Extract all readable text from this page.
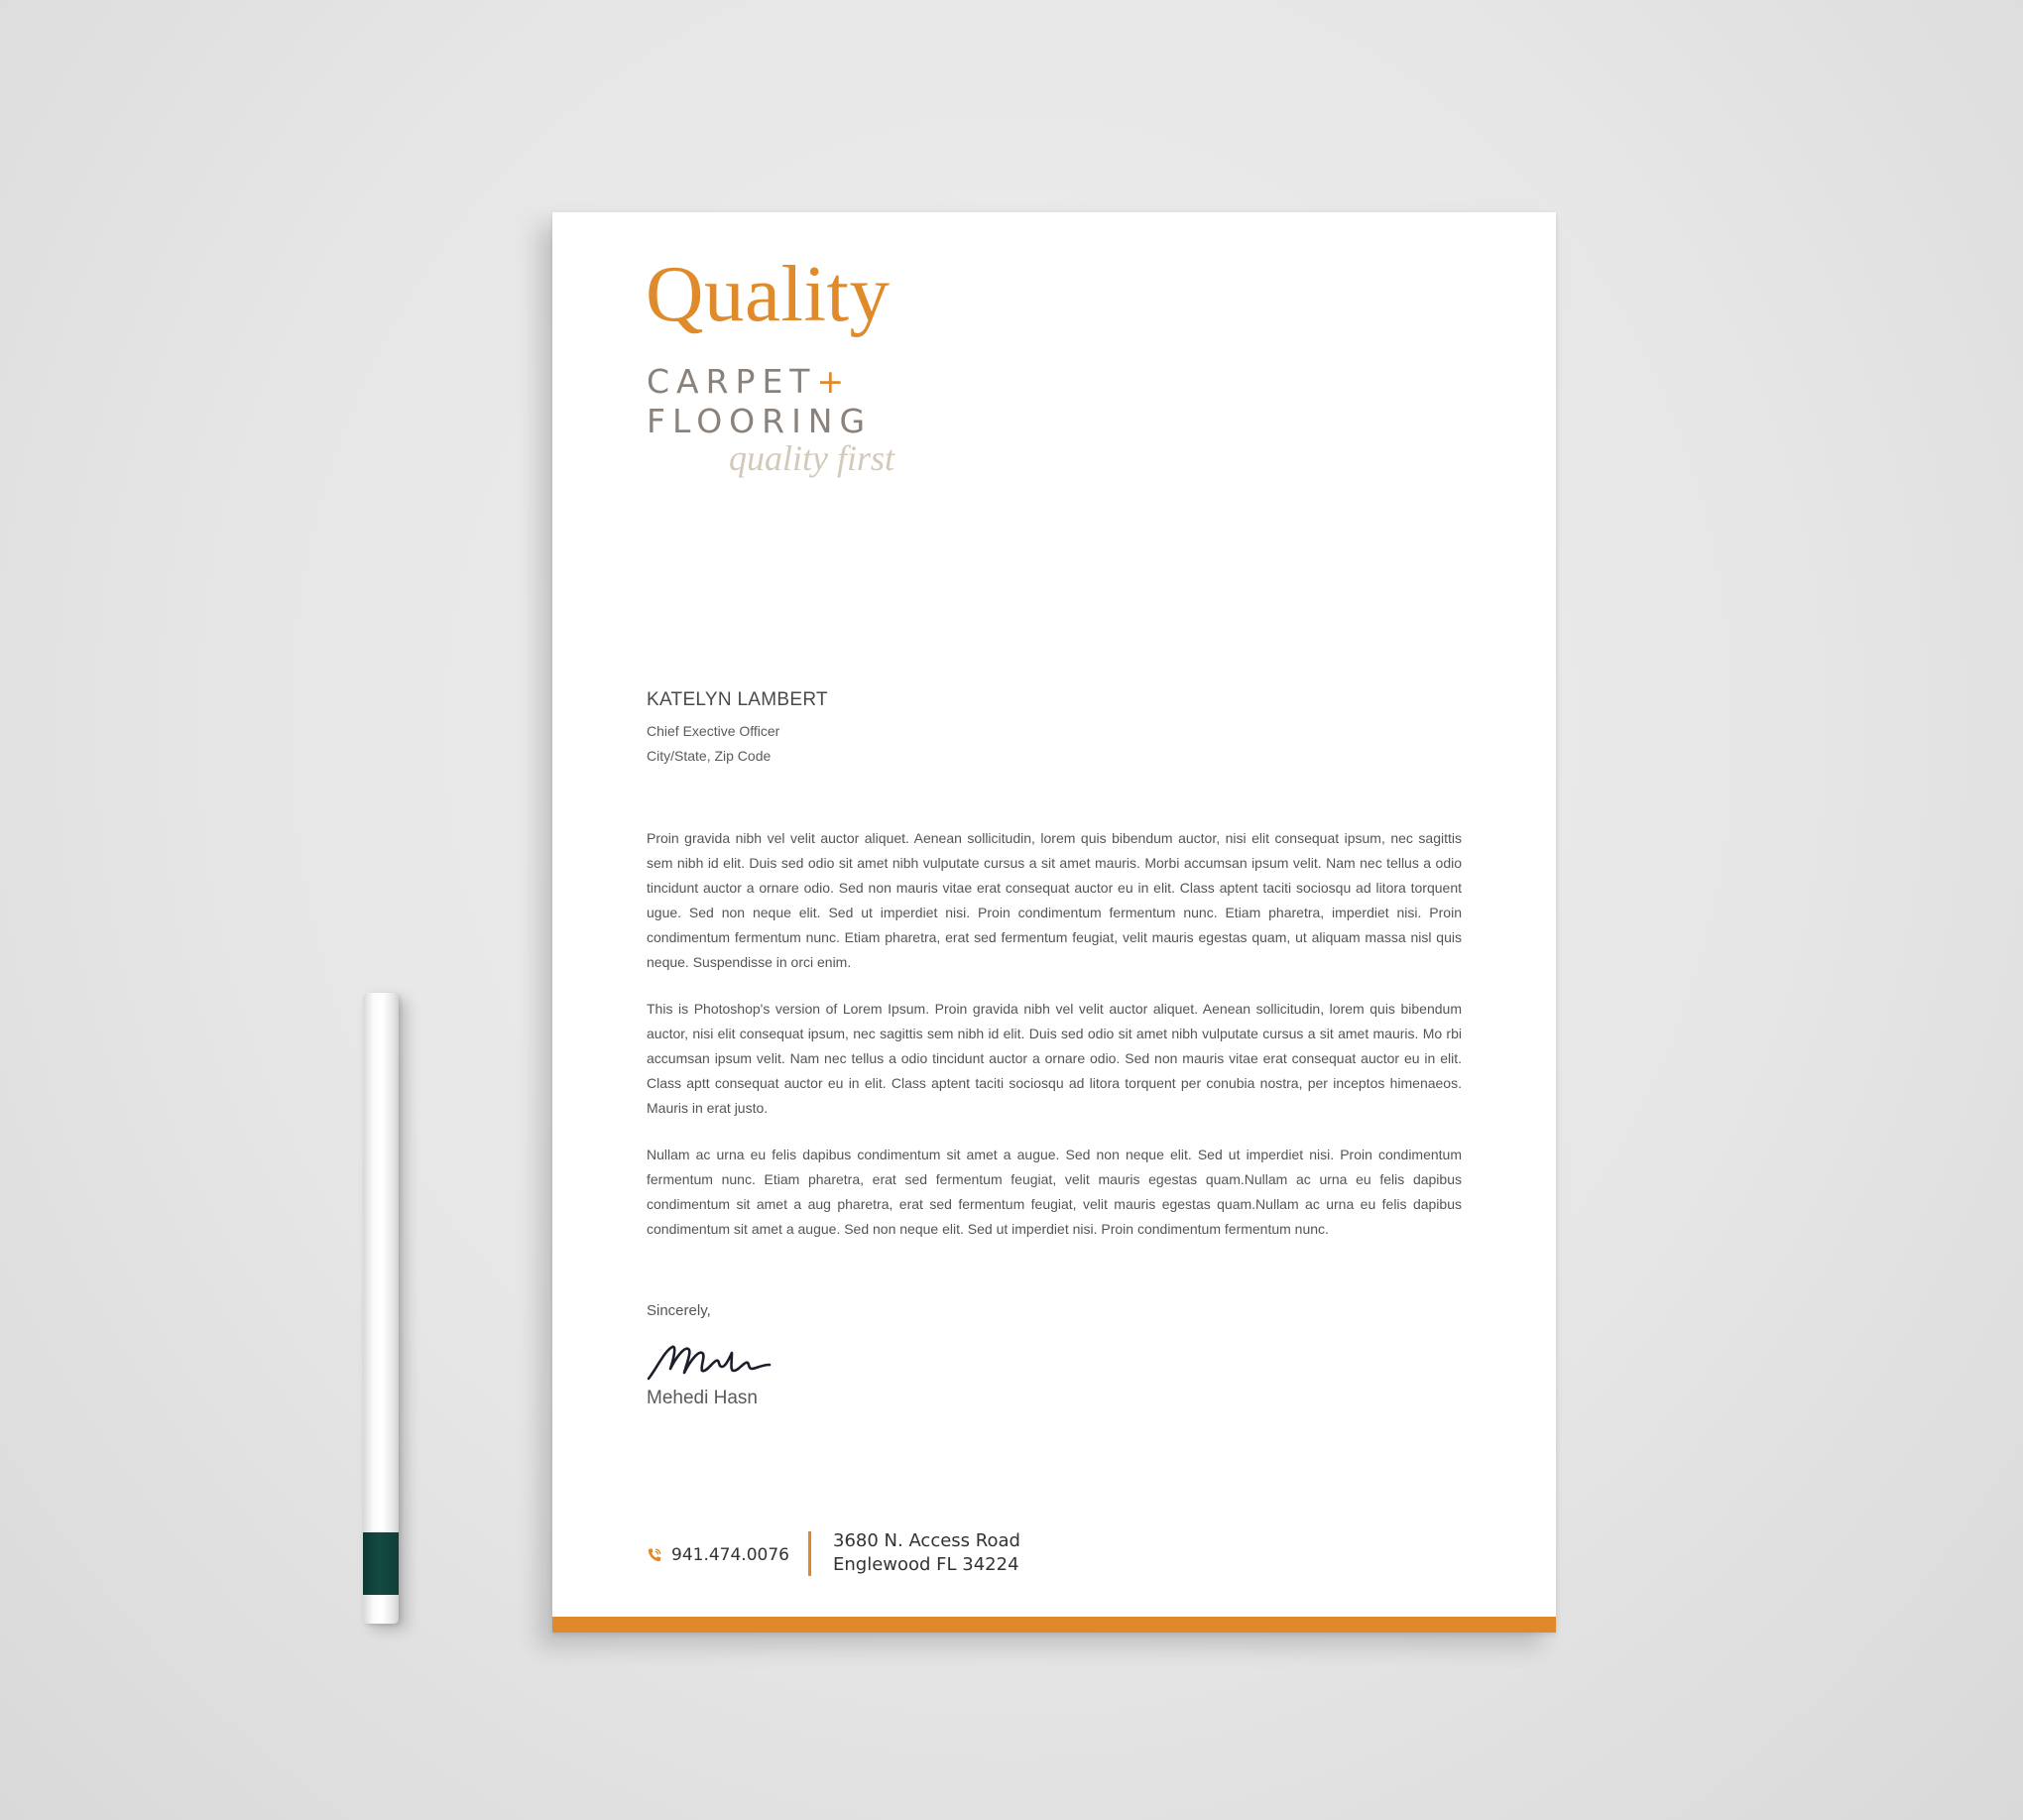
Quality
CARPET+
FLOORING
quality first
KATELYN LAMBERT
Chief Exective Officer
City/State, Zip Code

Proin gravida nibh vel velit auctor aliquet. Aenean sollicitudin, lorem quis bibendum auctor, nisi elit consequat ipsum, nec sagittis sem nibh id elit. Duis sed odio sit amet nibh vulputate cursus a sit amet mauris. Morbi accumsan ipsum velit. Nam nec tellus a odio tincidunt auctor a ornare odio. Sed non mauris vitae erat consequat auctor eu in elit. Class aptent taciti sociosqu ad litora torquent ugue. Sed non neque elit. Sed ut imperdiet nisi. Proin condimentum fermentum nunc. Etiam pharetra, imperdiet nisi. Proin condimentum fermentum nunc. Etiam pharetra, erat sed fermentum feugiat, velit mauris egestas quam, ut aliquam massa nisl quis neque. Suspendisse in orci enim.

This is Photoshop's version of Lorem Ipsum. Proin gravida nibh vel velit auctor aliquet. Aenean sollicitudin, lorem quis bibendum auctor, nisi elit consequat ipsum, nec sagittis sem nibh id elit. Duis sed odio sit amet nibh vulputate cursus a sit amet mauris. Mo rbi accumsan ipsum velit. Nam nec tellus a odio tincidunt auctor a ornare odio. Sed non mauris vitae erat consequat auctor eu in elit. Class aptt consequat auctor eu in elit. Class aptent taciti sociosqu ad litora torquent per conubia nostra, per inceptos himenaeos. Mauris in erat justo.

Nullam ac urna eu felis dapibus condimentum sit amet a augue. Sed non neque elit. Sed ut imperdiet nisi. Proin condimentum fermentum nunc. Etiam pharetra, erat sed fermentum feugiat, velit mauris egestas quam.Nullam ac urna eu felis dapibus condimentum sit amet a aug pharetra, erat sed fermentum feugiat, velit mauris egestas quam.Nullam ac urna eu felis dapibus condimentum sit amet a augue. Sed non neque elit. Sed ut imperdiet nisi. Proin condimentum fermentum nunc.

Sincerely,
Mehedi Hasn
941.474.0076
3680 N. Access Road
Englewood FL 34224
